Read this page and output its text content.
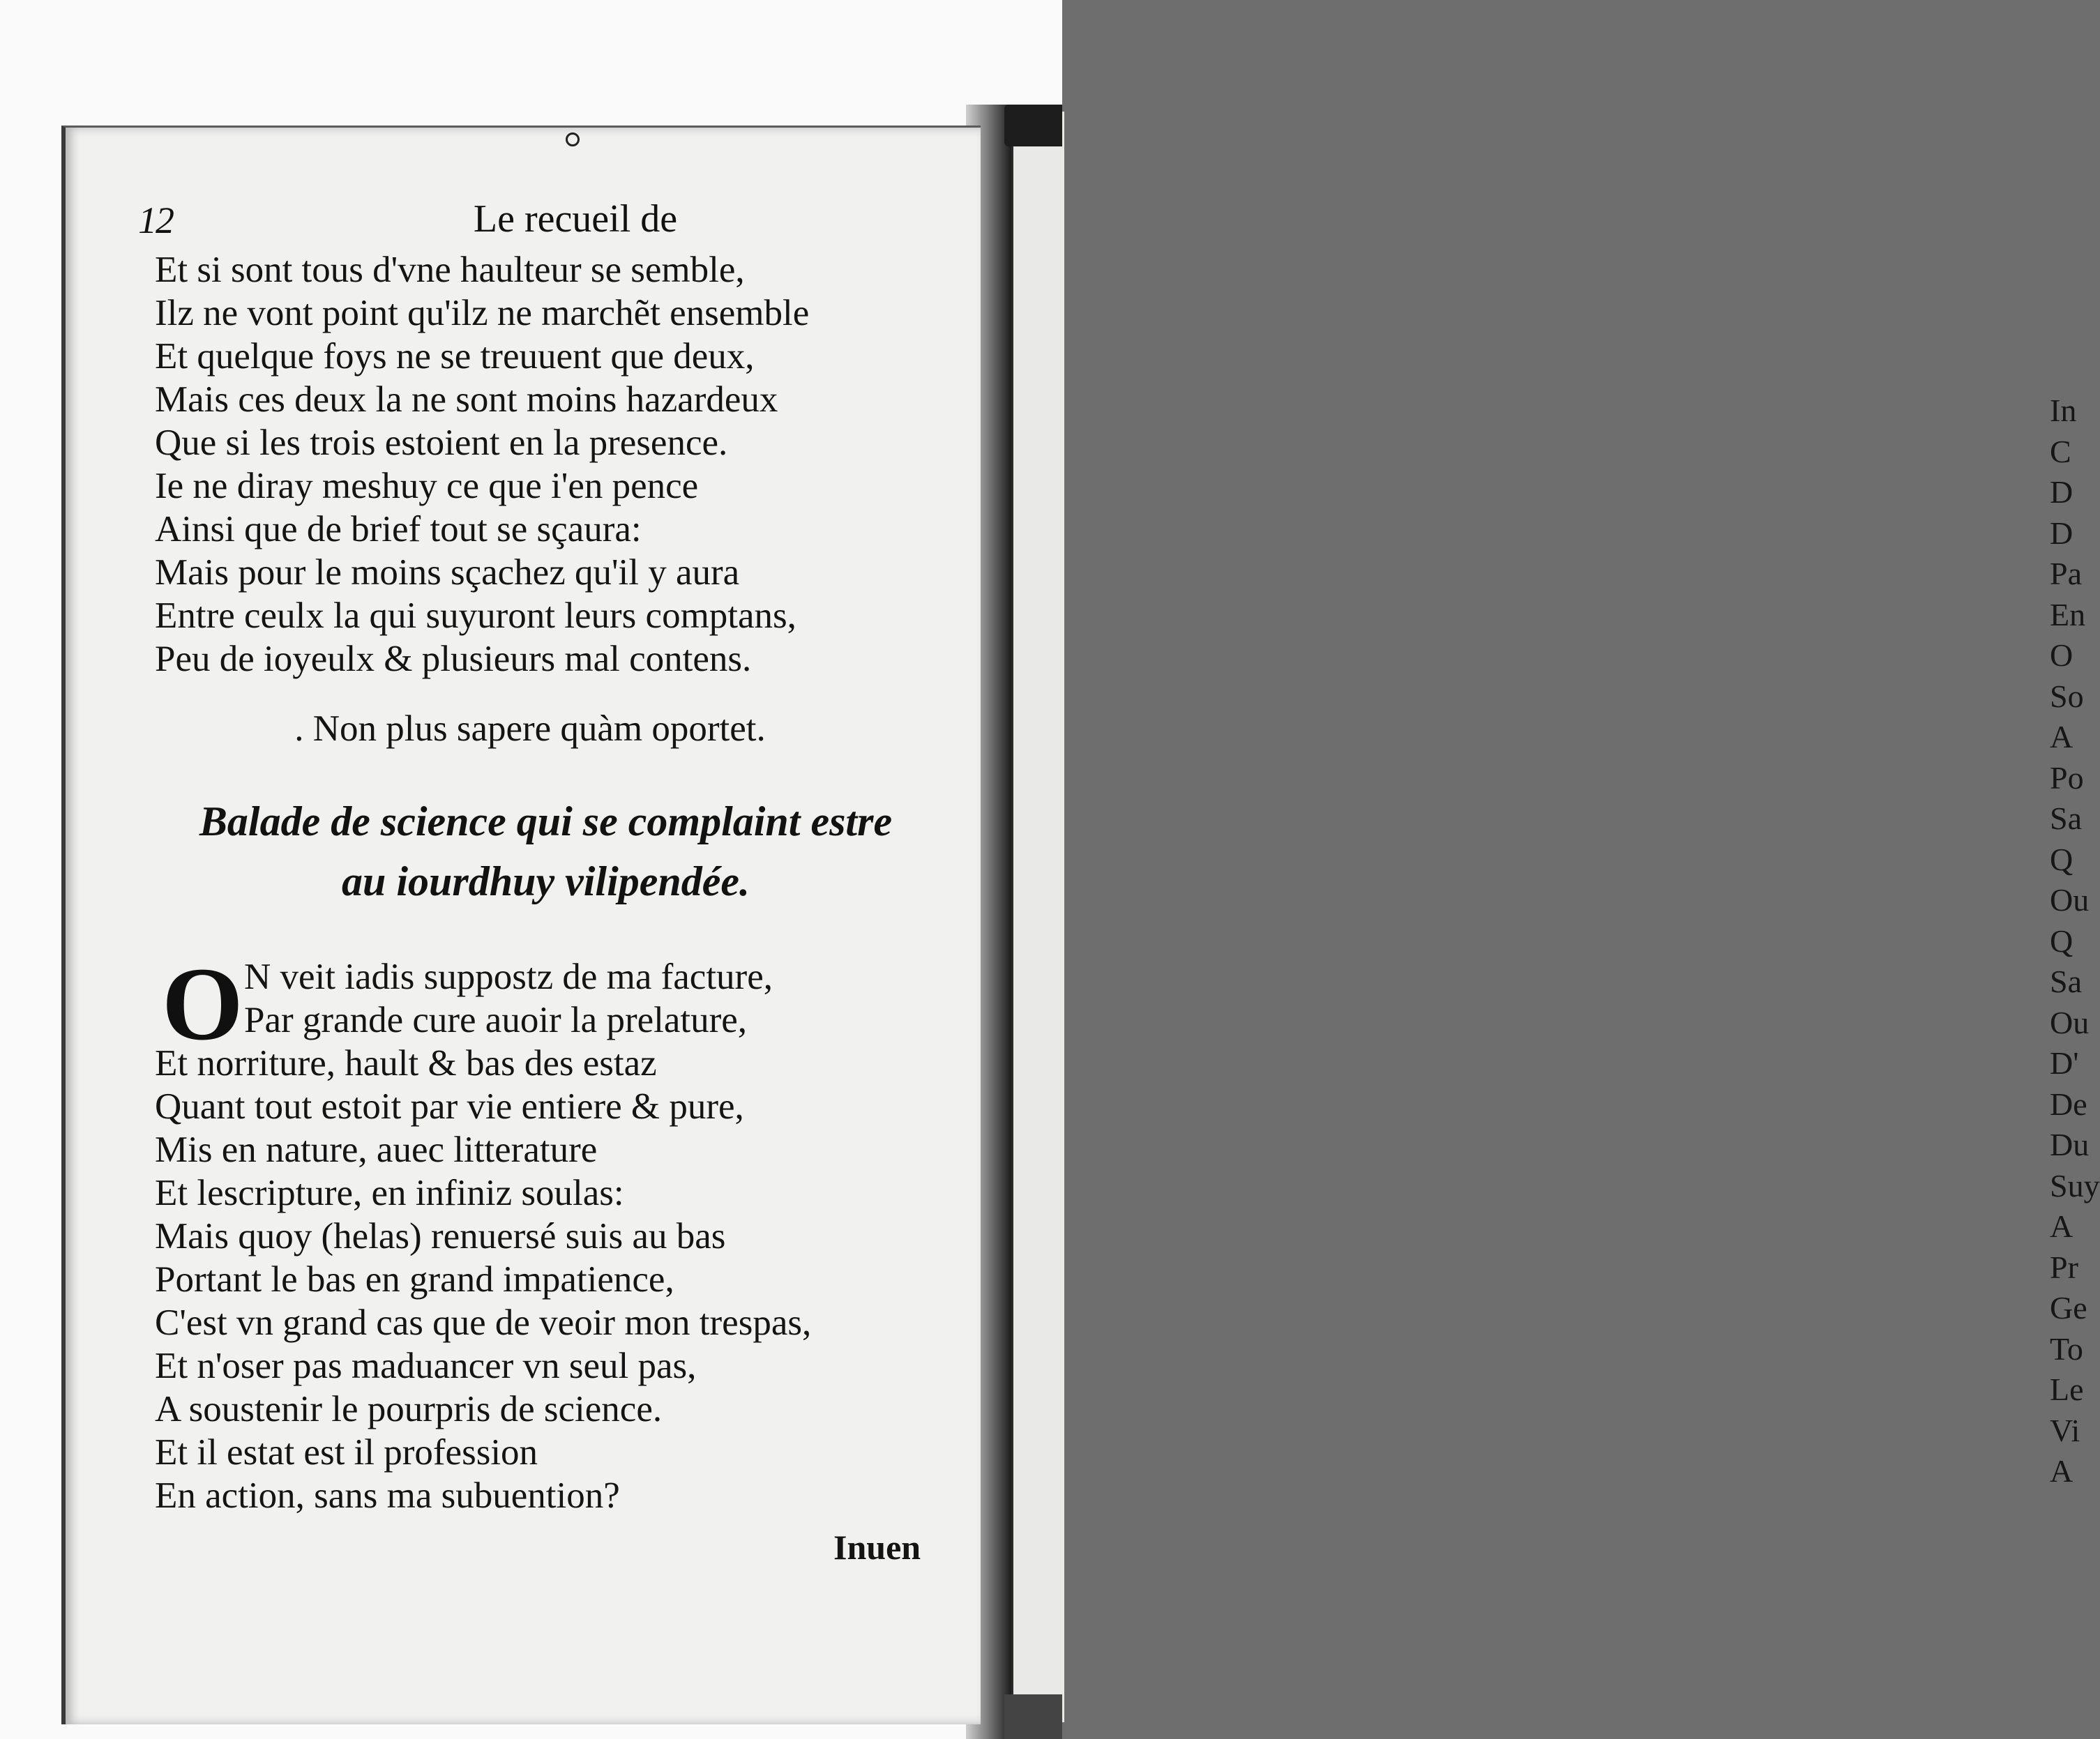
In
C
D
D
Pa
En
O
So
A
Po
Sa
Q
Ou
Q
Sa
Ou
D'
De
Du
Suy
A
Pr
Ge
To
Le
Vi
A
12	Le recueil de
Et si sont tous d'vne haulteur se semble,
Ilz ne vont point qu'ilz ne marchẽt ensemble
Et quelque foys ne se treuuent que deux,
Mais ces deux la ne sont moins hazardeux
Que si les trois estoient en la presence.
Ie ne diray meshuy ce que i'en pence
Ainsi que de brief tout se sçaura:
Mais pour le moins sçachez qu'il y aura
Entre ceulx la qui suyuront leurs comptans,
Peu de ioyeulx & plusieurs mal contens.
. Non plus sapere quàm oportet.
Balade de science qui se complaint estre
au iourdhuy vilipendée.
O N veit iadis suppostz de ma facture,
Par grande cure auoir la prelature,
Et norriture, hault & bas des estaz
Quant tout estoit par vie entiere & pure,
Mis en nature, auec litterature
Et lescripture, en infiniz soulas:
Mais quoy (helas) renuersé suis au bas
Portant le bas en grand impatience,
C'est vn grand cas que de veoir mon trespas,
Et n'oser pas maduancer vn seul pas,
A soustenir le pourpris de science.
Et il estat est il profession
En action, sans ma subuention?
Inuen
